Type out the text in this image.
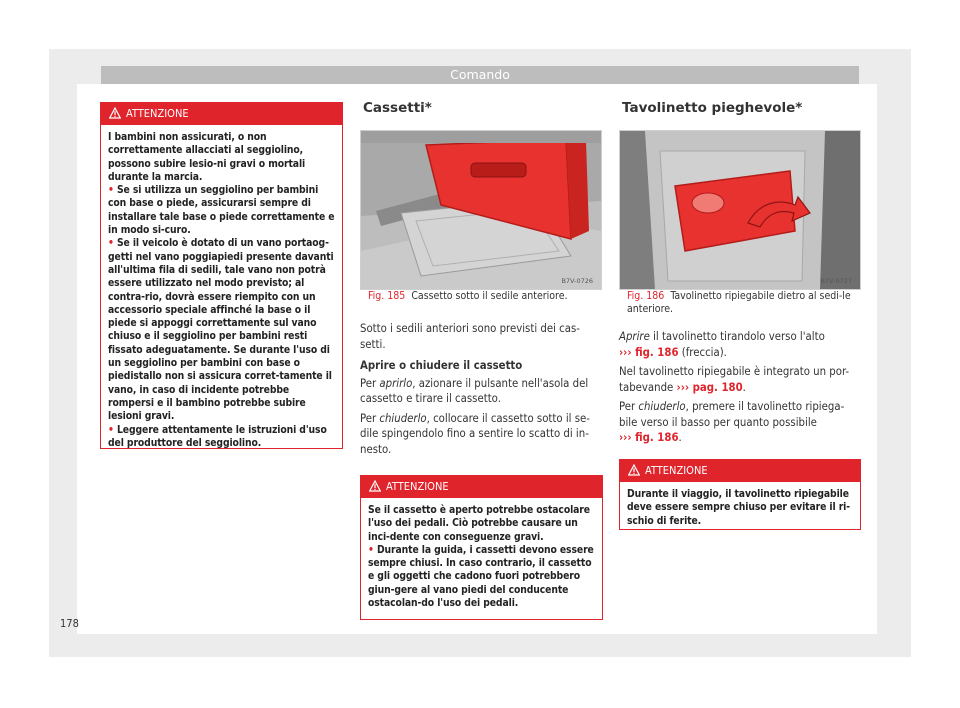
Comando
ATTENZIONE

I bambini non assicurati, o non correttamente allacciati al seggiolino, possono subire lesio-ni gravi o mortali durante la marcia.

• Se si utilizza un seggiolino per bambini con base o piede, assicurarsi sempre di installare tale base o piede correttamente e in modo si-curo.

• Se il veicolo è dotato di un vano portaog-getti nel vano poggiapiedi presente davanti all'ultima fila di sedili, tale vano non potrà essere utilizzato nel modo previsto; al contra-rio, dovrà essere riempito con un accessorio speciale affinché la base o il piede si appoggi correttamente sul vano chiuso e il seggiolino per bambini resti fissato adeguatamente. Se durante l'uso di un seggiolino per bambini con base o piedistallo non si assicura corret-tamente il vano, in caso di incidente potrebbe rompersi e il bambino potrebbe subire lesioni gravi.

• Leggere attentamente le istruzioni d'uso del produttore del seggiolino.

Cassetti*
B7V-0726
Fig. 185 Cassetto sotto il sedile anteriore.

Sotto i sedili anteriori sono previsti dei cas-setti.

Aprire o chiudere il cassetto

Per aprirlo, azionare il pulsante nell'asola del cassetto e tirare il cassetto.

Per chiuderlo, collocare il cassetto sotto il se-dile spingendolo fino a sentire lo scatto di in-nesto.

ATTENZIONE

Se il cassetto è aperto potrebbe ostacolare l'uso dei pedali. Ciò potrebbe causare un inci-dente con conseguenze gravi.

• Durante la guida, i cassetti devono essere sempre chiusi. In caso contrario, il cassetto e gli oggetti che cadono fuori potrebbero giun-gere al vano piedi del conducente ostacolan-do l'uso dei pedali.

Tavolinetto pieghevole*
B7V-0727
Fig. 186 Tavolinetto ripiegabile dietro al sedi-le anteriore.

Aprire il tavolinetto tirandolo verso l'alto
››› fig. 186 (freccia).

Nel tavolinetto ripiegabile è integrato un por-tabevande ››› pag. 180.

Per chiuderlo, premere il tavolinetto ripiega-bile verso il basso per quanto possibile
››› fig. 186.

ATTENZIONE

Durante il viaggio, il tavolinetto ripiegabile deve essere sempre chiuso per evitare il ri-schio di ferite.

178
